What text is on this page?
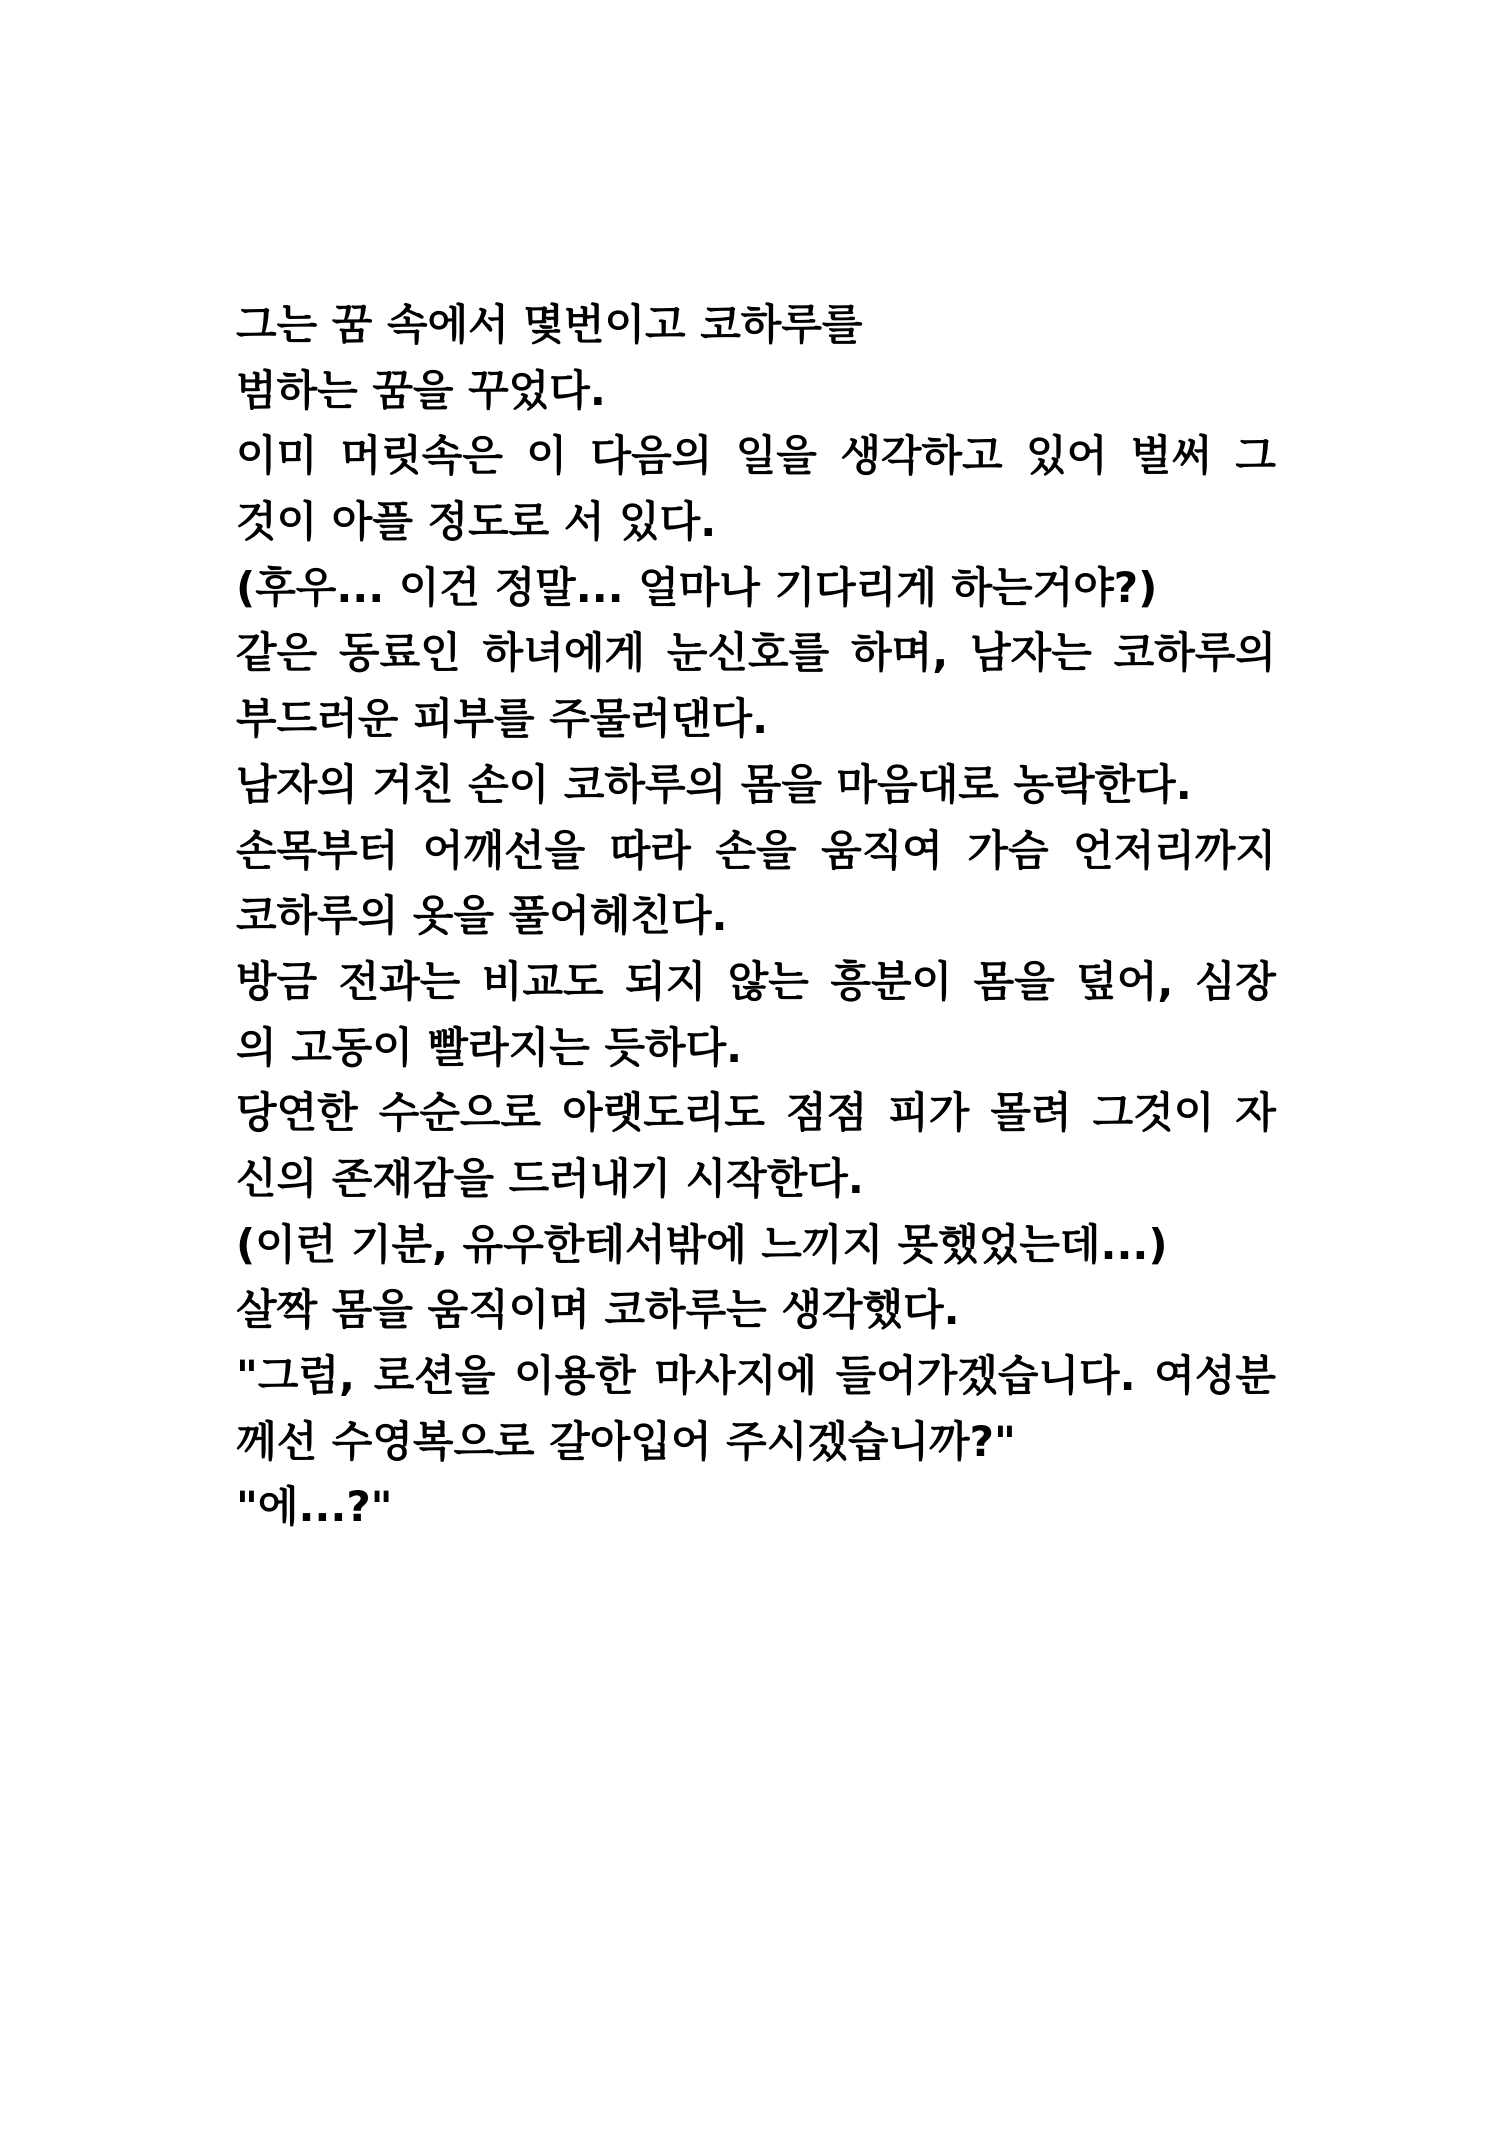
그는 꿈 속에서 몇번이고 코하루를
범하는 꿈을 꾸었다.
이미 머릿속은 이 다음의 일을 생각하고 있어 벌써 그
것이 아플 정도로 서 있다.
(후우... 이건 정말... 얼마나 기다리게 하는거야?)
같은 동료인 하녀에게 눈신호를 하며, 남자는 코하루의
부드러운 피부를 주물러댄다.
남자의 거친 손이 코하루의 몸을 마음대로 농락한다.
손목부터 어깨선을 따라 손을 움직여 가슴 언저리까지
코하루의 옷을 풀어헤친다.
방금 전과는 비교도 되지 않는 흥분이 몸을 덮어, 심장
의 고동이 빨라지는 듯하다.
당연한 수순으로 아랫도리도 점점 피가 몰려 그것이 자
신의 존재감을 드러내기 시작한다.
(이런 기분, 유우한테서밖에 느끼지 못했었는데...)
살짝 몸을 움직이며 코하루는 생각했다.
"그럼, 로션을 이용한 마사지에 들어가겠습니다. 여성분
께선 수영복으로 갈아입어 주시겠습니까?"
"에...?"
